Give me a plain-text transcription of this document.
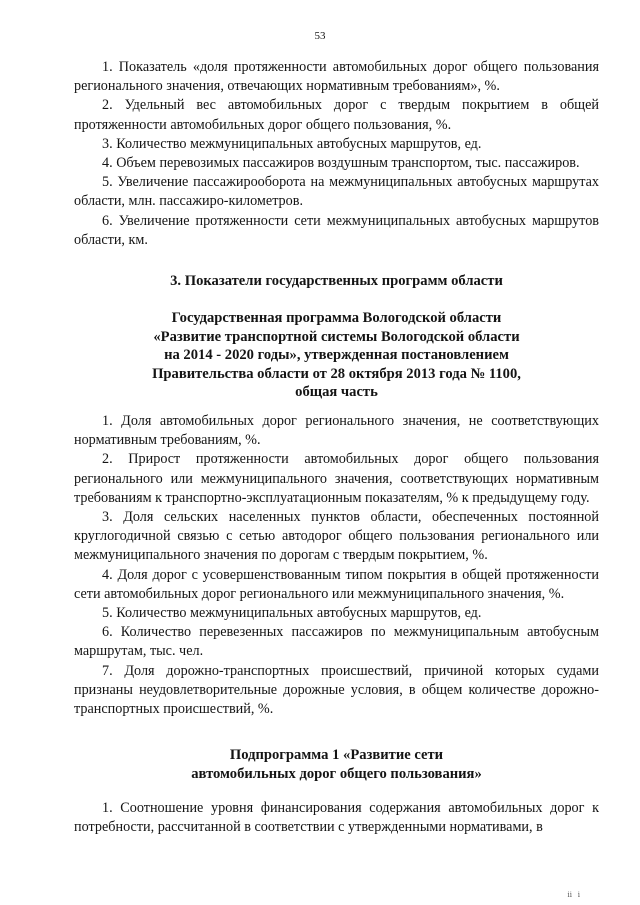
53

1. Показатель «доля протяженности автомобильных дорог общего пользования регионального значения, отвечающих нормативным требованиям», %.

2. Удельный вес автомобильных дорог с твердым покрытием в общей протяженности автомобильных дорог общего пользования, %.

3. Количество межмуниципальных автобусных маршрутов, ед.

4. Объем перевозимых пассажиров воздушным транспортом, тыс. пассажиров.

5. Увеличение пассажирооборота на межмуниципальных автобусных маршрутах области, млн. пассажиро-километров.

6. Увеличение протяженности сети межмуниципальных автобусных маршрутов области, км.

3. Показатели государственных программ области
Государственная программа Вологодской области
«Развитие транспортной системы Вологодской области
на 2014 - 2020 годы», утвержденная постановлением
Правительства области от 28 октября 2013 года № 1100,
общая часть

1. Доля автомобильных дорог регионального значения, не соответствующих нормативным требованиям, %.

2. Прирост протяженности автомобильных дорог общего пользования регионального или межмуниципального значения, соответствующих нормативным требованиям к транспортно-эксплуатационным показателям, % к предыдущему году.

3. Доля сельских населенных пунктов области, обеспеченных постоянной круглогодичной связью с сетью автодорог общего пользования регионального или межмуниципального значения по дорогам с твердым покрытием, %.

4. Доля дорог с усовершенствованным типом покрытия в общей протяженности сети автомобильных дорог регионального или межмуниципального значения, %.

5. Количество межмуниципальных автобусных маршрутов, ед.

6. Количество перевезенных пассажиров по межмуниципальным автобусным маршрутам, тыс. чел.

7. Доля дорожно-транспортных происшествий, причиной которых судами признаны неудовлетворительные дорожные условия, в общем количестве дорожно-транспортных происшествий, %.

Подпрограмма 1 «Развитие сети
автомобильных дорог общего пользования»

1. Соотношение уровня финансирования содержания автомобильных дорог к потребности, рассчитанной в соответствии с утвержденными нормативами, в

ⅱ ⅰ
